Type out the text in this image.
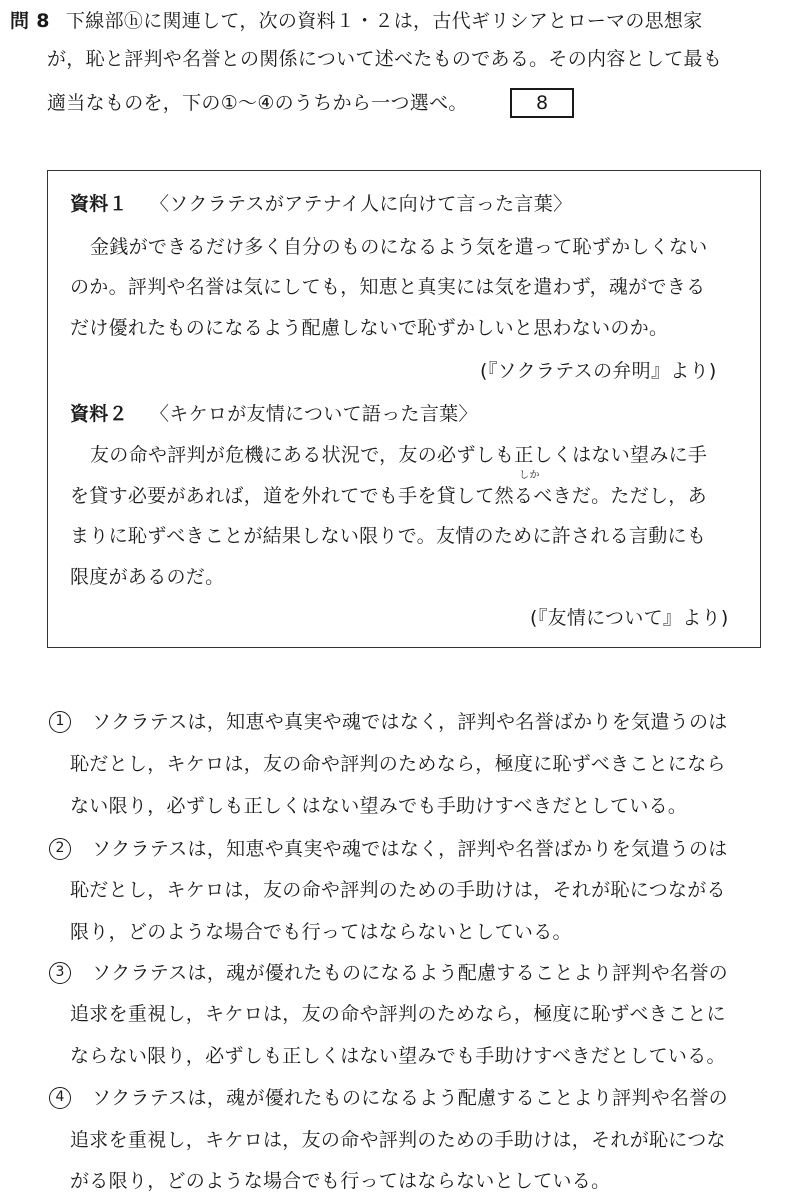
問 8 下線部ⓗに関連して，次の資料１・２は，古代ギリシアとローマの思想家
が，恥と評判や名誉との関係について述べたものである。その内容として最も
適当なものを，下の①～④のうちから一つ選べ。	8
資料１ 〈ソクラテスがアテナイ人に向けて言った言葉〉
金銭ができるだけ多く自分のものになるよう気を遣って恥ずかしくない
のか。評判や名誉は気にしても，知恵と真実には気を遣わず，魂ができる
だけ優れたものになるよう配慮しないで恥ずかしいと思わないのか。
(『ソクラテスの弁明』より)
資料２ 〈キケロが友情について語った言葉〉
友の命や評判が危機にある状況で，友の必ずしも正しくはない望みに手
しか
を貸す必要があれば，道を外れてでも手を貸して然るべきだ。ただし，あ
まりに恥ずべきことが結果しない限りで。友情のために許される言動にも
限度があるのだ。
(『友情について』より)
1	ソクラテスは，知恵や真実や魂ではなく，評判や名誉ばかりを気遣うのは
恥だとし，キケロは，友の命や評判のためなら，極度に恥ずべきことになら
ない限り，必ずしも正しくはない望みでも手助けすべきだとしている。
2	ソクラテスは，知恵や真実や魂ではなく，評判や名誉ばかりを気遣うのは
恥だとし，キケロは，友の命や評判のための手助けは，それが恥につながる
限り，どのような場合でも行ってはならないとしている。
3	ソクラテスは，魂が優れたものになるよう配慮することより評判や名誉の
追求を重視し，キケロは，友の命や評判のためなら，極度に恥ずべきことに
ならない限り，必ずしも正しくはない望みでも手助けすべきだとしている。
4	ソクラテスは，魂が優れたものになるよう配慮することより評判や名誉の
追求を重視し，キケロは，友の命や評判のための手助けは，それが恥につな
がる限り，どのような場合でも行ってはならないとしている。
